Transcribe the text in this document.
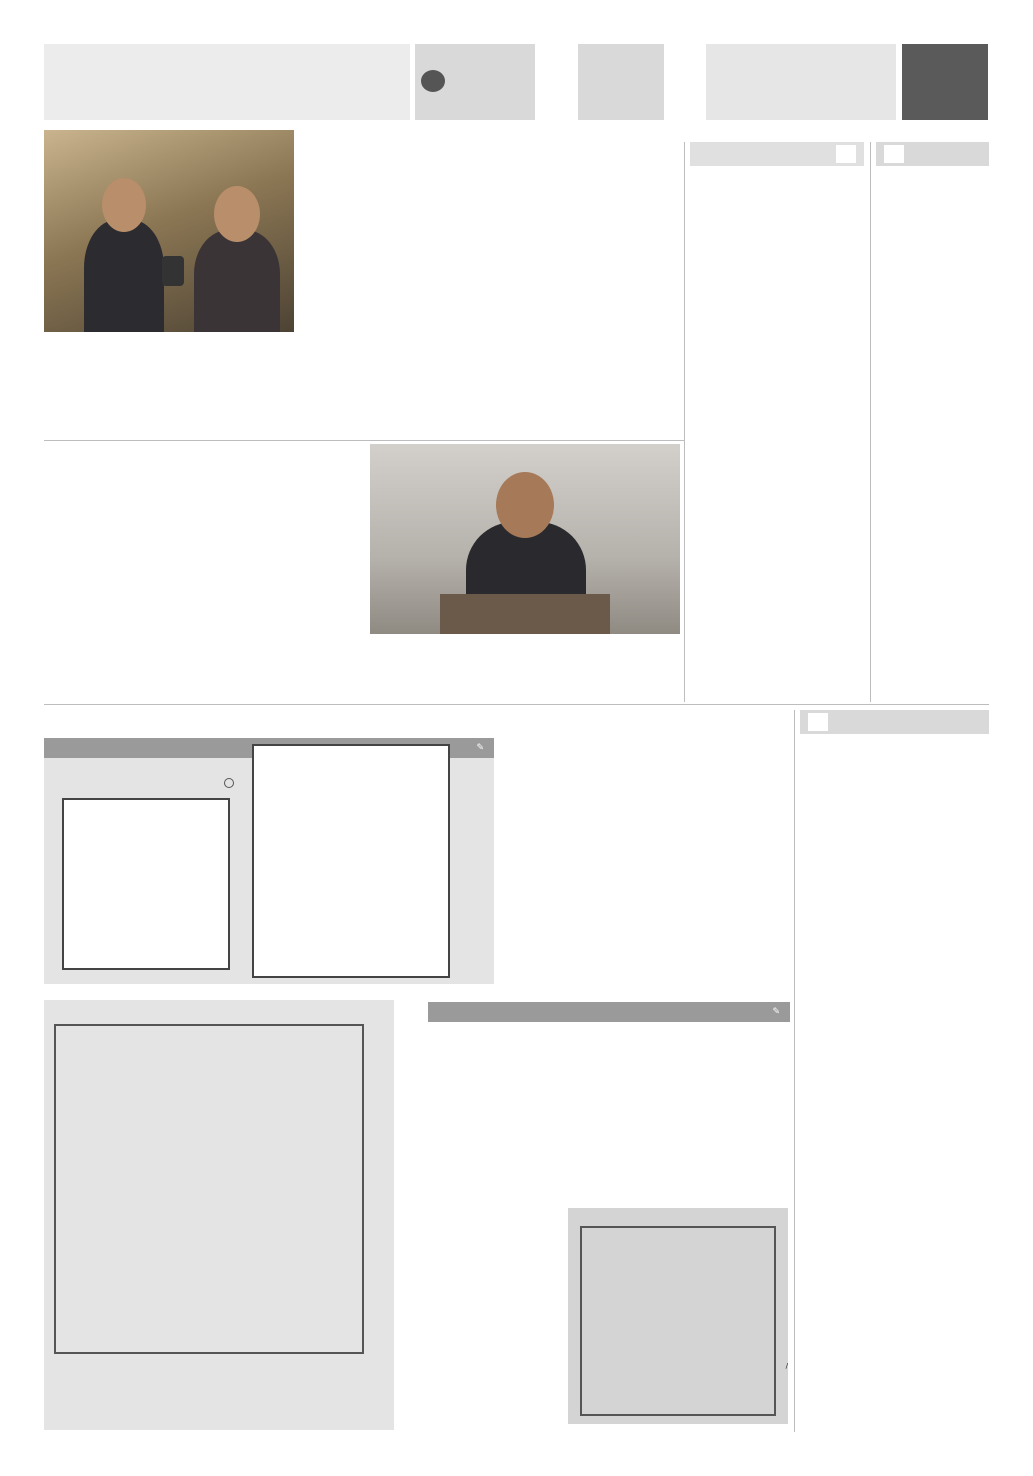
✎
✎
/
